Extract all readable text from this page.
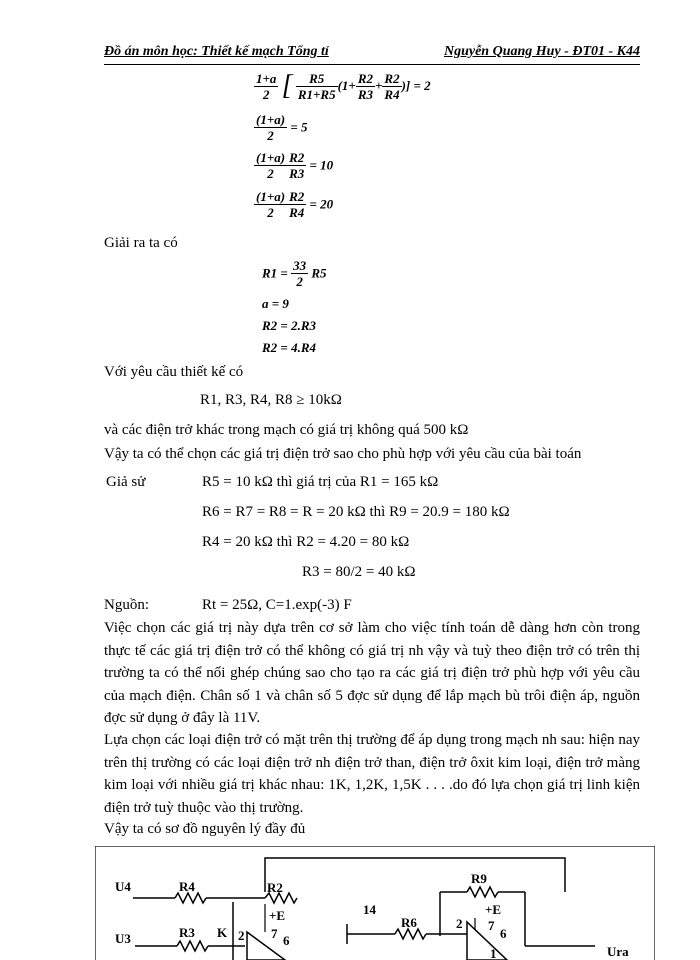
Đồ án môn học: Thiết kế mạch Tổng tỉ	Nguyễn Quang Huy - ĐT01 - K44
$\frac{1+a}{2}$ [ $\frac{R5}{R1+R5} (1+ \frac{R2}{R3} + \frac{R2}{R4}$ )] = 2
$\frac{(1+a)}{2} = 5$
$\frac{(1+a)}{2} \frac{R2}{R3} = 10$
$\frac{(1+a)}{2} \frac{R2}{R4} = 20$
Giải ra ta có
$R1 = \frac{33}{2} R5$
a = 9
R2 = 2.R3
R2 = 4.R4
Với yêu cầu thiết kế có
R1, R3, R4, R8 ≥ 10kΩ
và các điện trở khác trong mạch có giá trị không quá 500 kΩ
Vậy ta có thể chọn các giá trị điện trở sao cho phù hợp với yêu cầu của bài toán
Giả sử	R5 = 10 kΩ thì giá trị của R1 = 165 kΩ
R6 = R7 = R8 = R = 20 kΩ thì R9 = 20.9 = 180 kΩ
R4 = 20 kΩ thì R2 = 4.20 = 80 kΩ
R3 = 80/2 = 40 kΩ
Nguồn:	Rt = 25Ω, C=1.exp(-3) F
Việc chọn các giá trị này dựa trên cơ sở làm cho việc tính toán dễ dàng hơn còn trong thực tế các giá trị điện trở có thể không có giá trị nh vậy và tuỳ theo điện trở có trên thị trường ta có thể nối ghép chúng sao cho tạo ra các giá trị điện trở phù hợp với yêu cầu của mạch điện. Chân số 1 và chân số 5 đợc sử dụng để lắp mạch bù trôi điện áp, nguồn đợc sử dụng ở đây là 11V.
Lựa chọn các loại điện trở có mặt trên thị trường để áp dụng trong mạch nh sau: hiện nay trên thị trường có các loại điện trở nh điện trở than, điện trở ôxit kim loại, điện trở màng kim loại với nhiều giá trị khác nhau: 1K, 1,2K, 1,5K . . . .do đó lựa chọn giá trị linh kiện điện trở tuỳ thuộc vào thị trường.
Vậy ta có sơ đồ nguyên lý đầy đủ
U4
U3
R4
R3
R2
K
+E
2 7 6
14
R6
R9
+E
2 7
6
1	Ura
